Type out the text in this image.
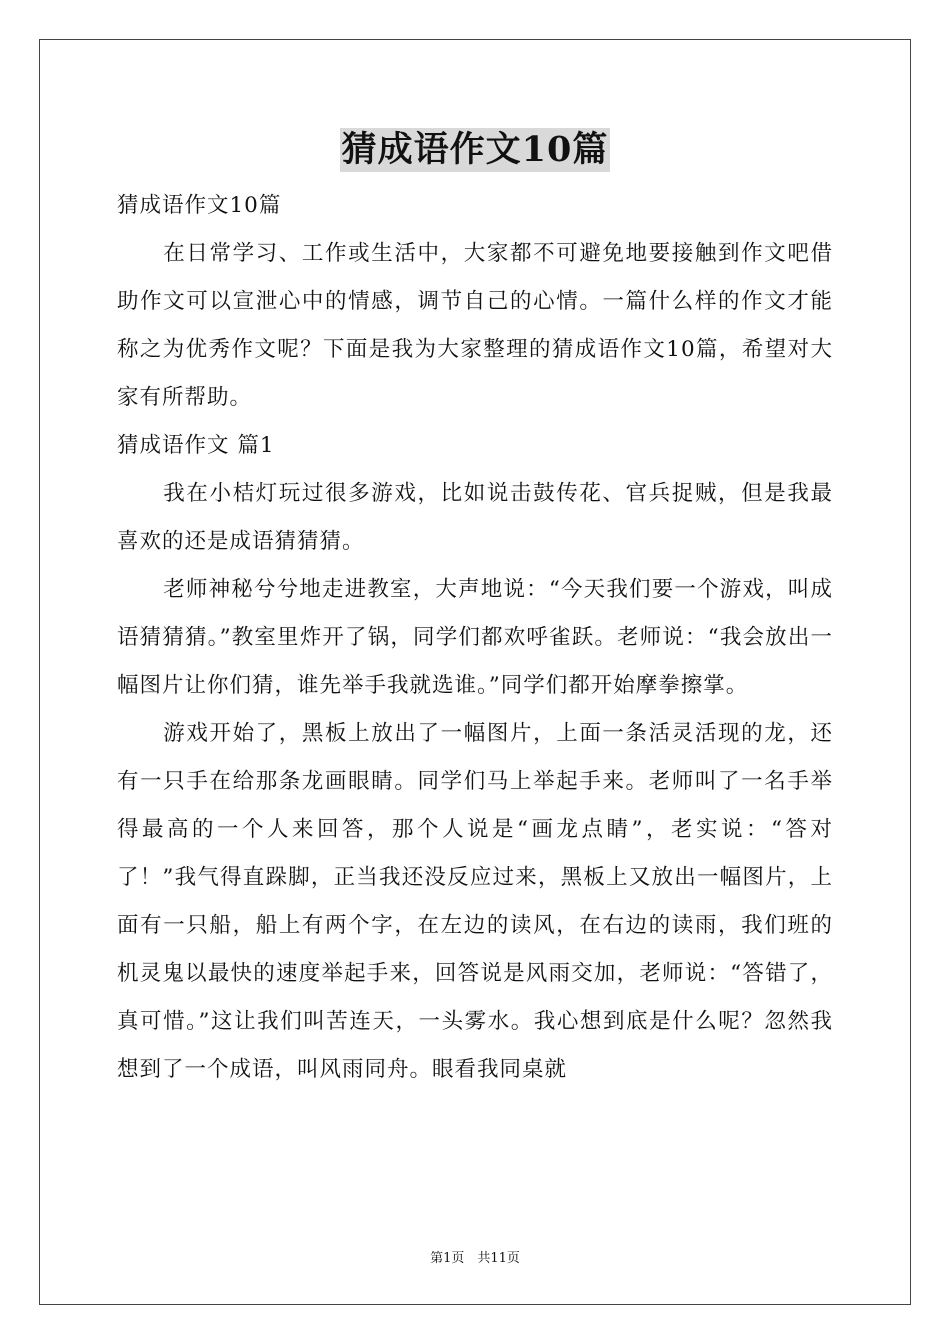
猜成语作文10篇

猜成语作文10篇

在日常学习、工作或生活中，大家都不可避免地要接触到作文吧借助作文可以宣泄心中的情感，调节自己的心情。一篇什么样的作文才能称之为优秀作文呢？下面是我为大家整理的猜成语作文10篇，希望对大家有所帮助。

猜成语作文 篇1

我在小桔灯玩过很多游戏，比如说击鼓传花、官兵捉贼，但是我最喜欢的还是成语猜猜猜。

老师神秘兮兮地走进教室，大声地说：“今天我们要一个游戏，叫成语猜猜猜。”教室里炸开了锅，同学们都欢呼雀跃。老师说：“我会放出一幅图片让你们猜，谁先举手我就选谁。”同学们都开始摩拳擦掌。

游戏开始了，黑板上放出了一幅图片，上面一条活灵活现的龙，还有一只手在给那条龙画眼睛。同学们马上举起手来。老师叫了一名手举得最高的一个人来回答，那个人说是“画龙点睛”，老实说：“答对了！”我气得直跺脚，正当我还没反应过来，黑板上又放出一幅图片，上面有一只船，船上有两个字，在左边的读风，在右边的读雨，我们班的机灵鬼以最快的速度举起手来，回答说是风雨交加，老师说：“答错了，真可惜。”这让我们叫苦连天，一头雾水。我心想到底是什么呢？忽然我想到了一个成语，叫风雨同舟。眼看我同桌就

第1页　共11页
